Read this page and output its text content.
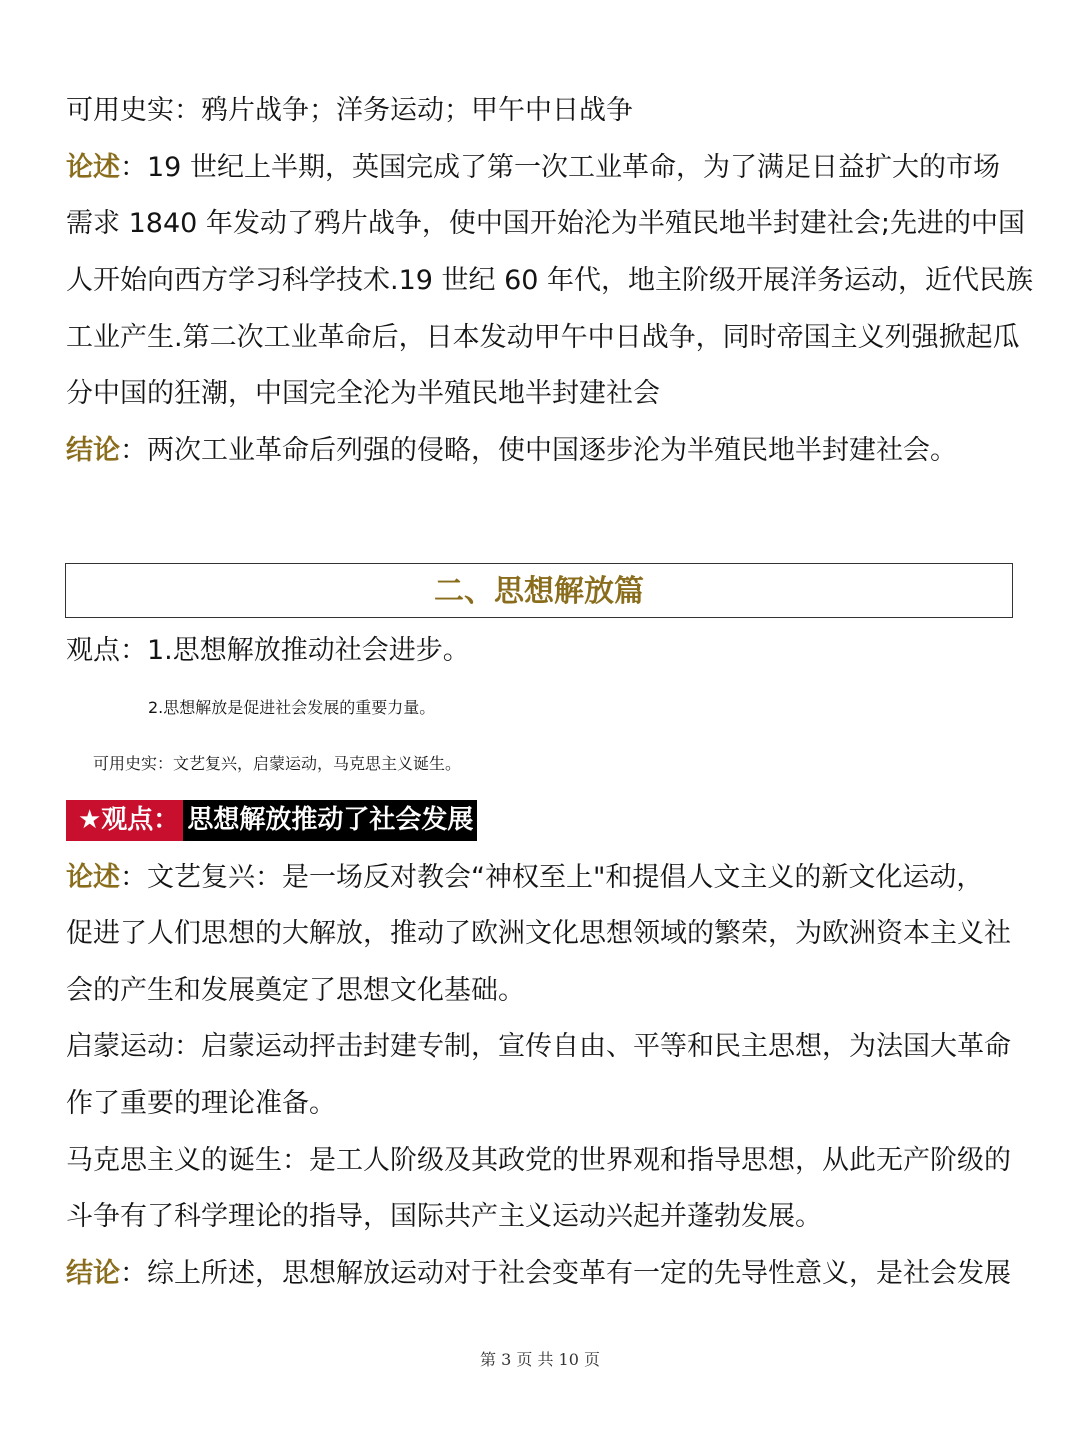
可用史实：鸦片战争；洋务运动；甲午中日战争
论述：19 世纪上半期，英国完成了第一次工业革命，为了满足日益扩大的市场
需求 1840 年发动了鸦片战争，使中国开始沦为半殖民地半封建社会;先进的中国
人开始向西方学习科学技术.19 世纪 60 年代，地主阶级开展洋务运动，近代民族
工业产生.第二次工业革命后，日本发动甲午中日战争，同时帝国主义列强掀起瓜
分中国的狂潮，中国完全沦为半殖民地半封建社会
结论：两次工业革命后列强的侵略，使中国逐步沦为半殖民地半封建社会。
二、思想解放篇
观点：1.思想解放推动社会进步。
2.思想解放是促进社会发展的重要力量。
可用史实：文艺复兴，启蒙运动，马克思主义诞生。
★观点： 思想解放推动了社会发展
论述：文艺复兴：是一场反对教会“神权至上"和提倡人文主义的新文化运动，
促进了人们思想的大解放，推动了欧洲文化思想领域的繁荣，为欧洲资本主义社
会的产生和发展奠定了思想文化基础。
启蒙运动：启蒙运动抨击封建专制，宣传自由、平等和民主思想，为法国大革命
作了重要的理论准备。
马克思主义的诞生：是工人阶级及其政党的世界观和指导思想，从此无产阶级的
斗争有了科学理论的指导，国际共产主义运动兴起并蓬勃发展。
结论：综上所述，思想解放运动对于社会变革有一定的先导性意义，是社会发展
第 3 页 共 10 页
